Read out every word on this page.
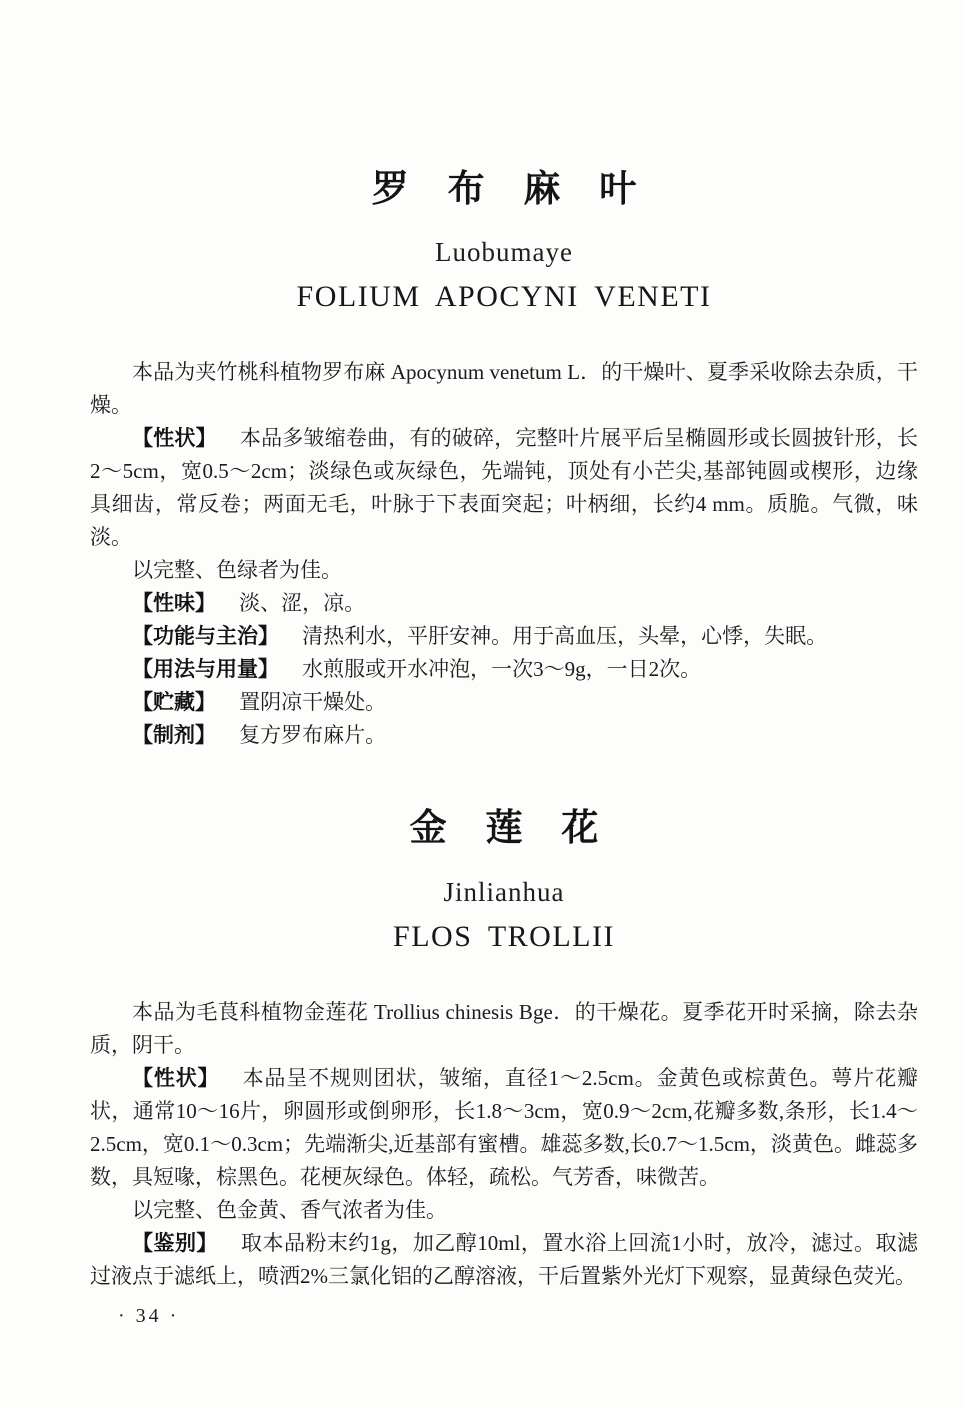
罗布麻叶
Luobumaye
FOLIUM APOCYNI VENETI

本品为夹竹桃科植物罗布麻 Apocynum venetum L．的干燥叶、夏季采收除去杂质，干燥。

【性状】 本品多皱缩卷曲，有的破碎，完整叶片展平后呈椭圆形或长圆披针形，长2～5cm，宽0.5～2cm；淡绿色或灰绿色，先端钝，顶处有小芒尖,基部钝圆或楔形，边缘具细齿，常反卷；两面无毛，叶脉于下表面突起；叶柄细，长约4 mm。质脆。气微，味淡。

以完整、色绿者为佳。

【性味】 淡、涩，凉。

【功能与主治】 清热利水，平肝安神。用于高血压，头晕，心悸，失眠。

【用法与用量】 水煎服或开水冲泡，一次3～9g，一日2次。

【贮藏】 置阴凉干燥处。

【制剂】 复方罗布麻片。

金莲花
Jinlianhua
FLOS TROLLII

本品为毛茛科植物金莲花 Trollius chinesis Bge．的干燥花。夏季花开时采摘，除去杂质，阴干。

【性状】 本品呈不规则团状，皱缩，直径1～2.5cm。金黄色或棕黄色。萼片花瓣状，通常10～16片，卵圆形或倒卵形，长1.8～3cm，宽0.9～2cm,花瓣多数,条形，长1.4～2.5cm，宽0.1～0.3cm；先端渐尖,近基部有蜜槽。雄蕊多数,长0.7～1.5cm，淡黄色。雌蕊多数，具短喙，棕黑色。花梗灰绿色。体轻，疏松。气芳香，味微苦。

以完整、色金黄、香气浓者为佳。

【鉴别】 取本品粉末约1g，加乙醇10ml，置水浴上回流1小时，放冷，滤过。取滤过液点于滤纸上，喷洒2%三氯化铝的乙醇溶液，干后置紫外光灯下观察，显黄绿色荧光。

· 34 ·
